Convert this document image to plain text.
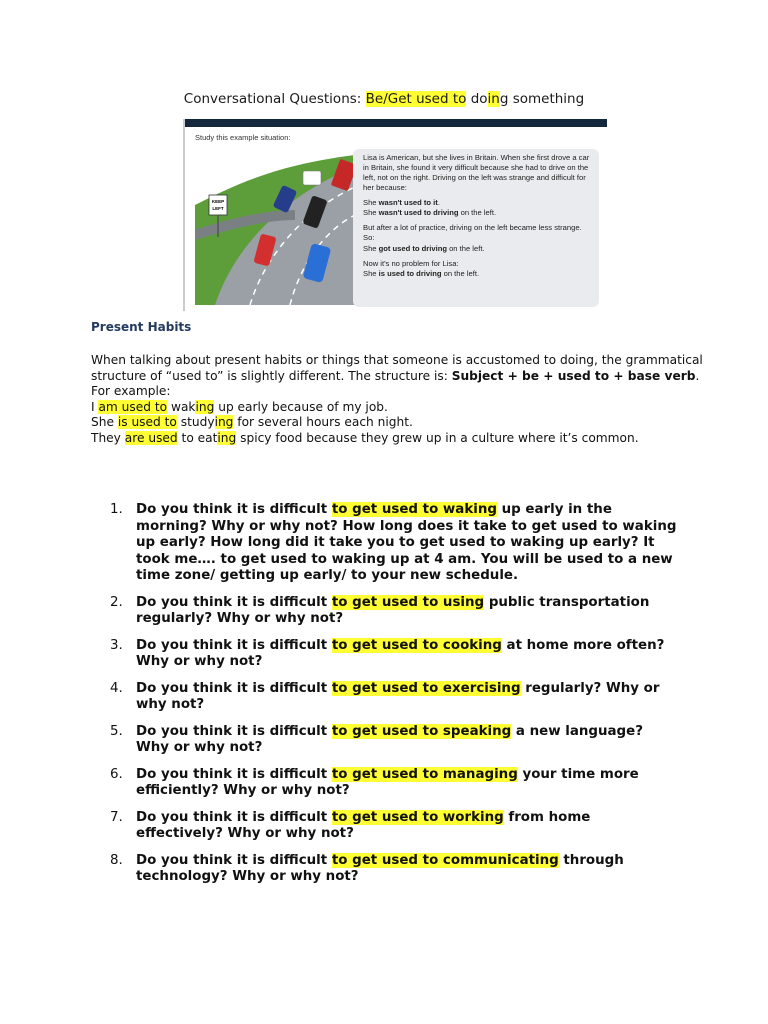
Conversational Questions: Be/Get used to doing something
Study this example situation:
KEEP
LEFT

Lisa is American, but she lives in Britain. When she first drove a car in Britain, she found it very difficult because she had to drive on the left, not on the right. Driving on the left was strange and difficult for her because:

She wasn't used to it.
She wasn't used to driving on the left.

But after a lot of practice, driving on the left became less strange. So:

She got used to driving on the left.

Now it's no problem for Lisa:
She is used to driving on the left.

Present Habits

When talking about present habits or things that someone is accustomed to doing, the grammatical structure of “used to” is slightly different. The structure is: Subject + be + used to + base verb. For example:

I am used to waking up early because of my job.

She is used to studying for several hours each night.

They are used to eating spicy food because they grew up in a culture where it’s common.

1. Do you think it is difficult to get used to waking up early in the morning? Why or why not? How long does it take to get used to waking up early? How long did it take you to get used to waking up early? It took me…. to get used to waking up at 4 am. You will be used to a new time zone/ getting up early/ to your new schedule.
2. Do you think it is difficult to get used to using public transportation regularly? Why or why not?
3. Do you think it is difficult to get used to cooking at home more often? Why or why not?
4. Do you think it is difficult to get used to exercising regularly? Why or why not?
5. Do you think it is difficult to get used to speaking a new language? Why or why not?
6. Do you think it is difficult to get used to managing your time more efficiently? Why or why not?
7. Do you think it is difficult to get used to working from home effectively? Why or why not?
8. Do you think it is difficult to get used to communicating through technology? Why or why not?
